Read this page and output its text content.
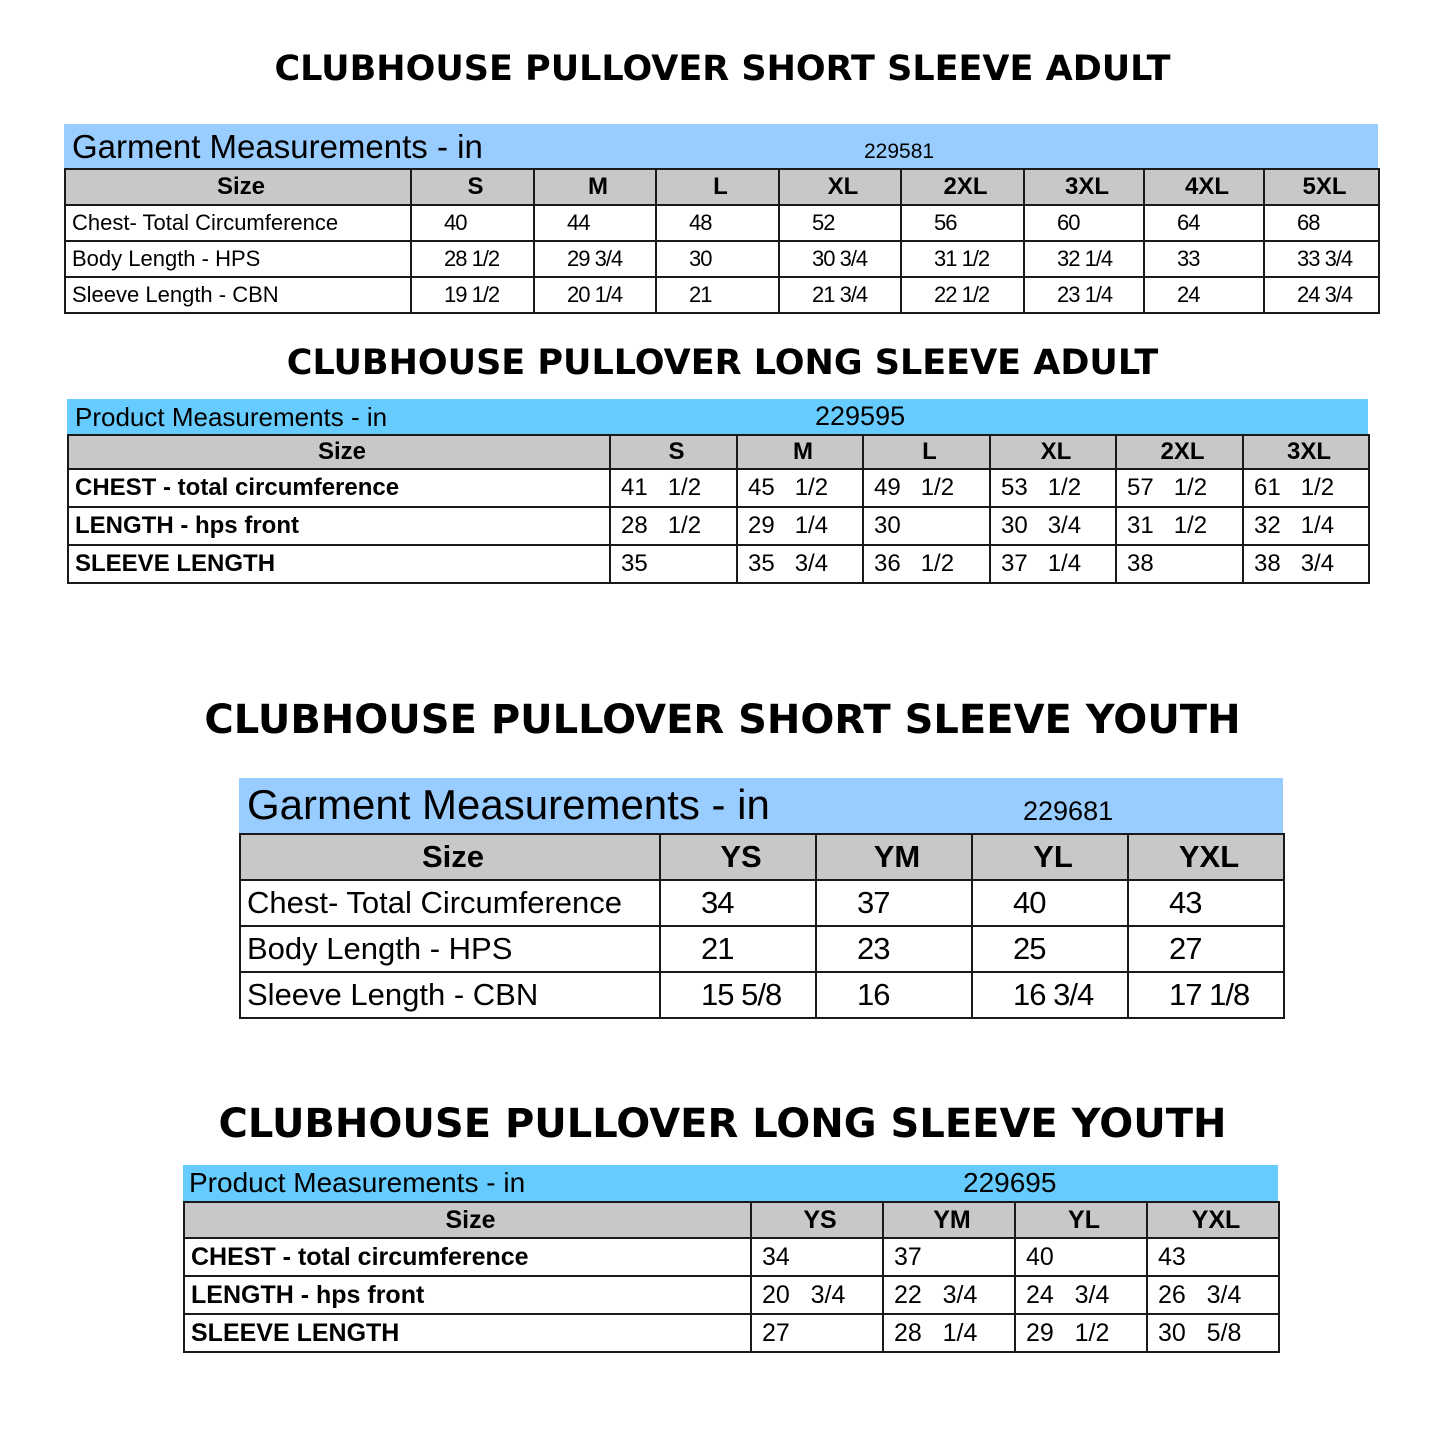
CLUBHOUSE PULLOVER SHORT SLEEVE ADULT
Garment Measurements - in	229581
Size	S	M	L	XL	2XL	3XL	4XL	5XL
Chest- Total Circumference	40	44	48	52	56	60	64	68
Body Length - HPS	28 1/2	29 3/4	30	30 3/4	31 1/2	32 1/4	33	33 3/4
Sleeve Length - CBN	19 1/2	20 1/4	21	21 3/4	22 1/2	23 1/4	24	24 3/4
CLUBHOUSE PULLOVER LONG SLEEVE ADULT
Product Measurements - in	229595
Size	S	M	L	XL	2XL	3XL
CHEST - total circumference	41   1/2	45   1/2	49   1/2	53   1/2	57   1/2	61   1/2
LENGTH - hps front	28   1/2	29   1/4	30	30   3/4	31   1/2	32   1/4
SLEEVE LENGTH	35	35   3/4	36   1/2	37   1/4	38	38   3/4
CLUBHOUSE PULLOVER SHORT SLEEVE YOUTH
Garment Measurements - in	229681
Size	YS	YM	YL	YXL
Chest- Total Circumference	34	37	40	43
Body Length - HPS	21	23	25	27
Sleeve Length - CBN	15 5/8	16	16 3/4	17 1/8
CLUBHOUSE PULLOVER LONG SLEEVE YOUTH
Product Measurements - in	229695
Size	YS	YM	YL	YXL
CHEST - total circumference	34	37	40	43
LENGTH - hps front	20   3/4	22   3/4	24   3/4	26   3/4
SLEEVE LENGTH	27	28   1/4	29   1/2	30   5/8
